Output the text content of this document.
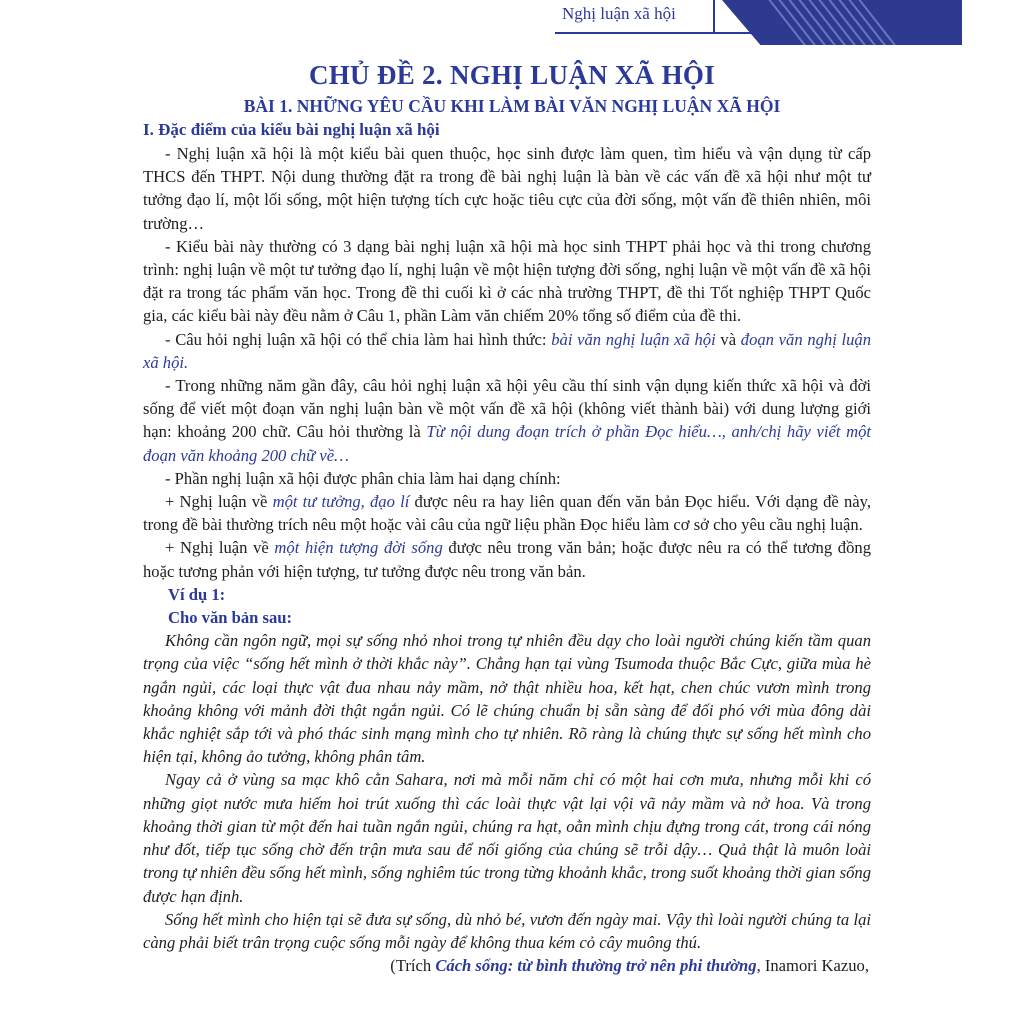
Nghị luận xã hội
CHỦ ĐỀ 2. NGHỊ LUẬN XÃ HỘI
BÀI 1. NHỮNG YÊU CẦU KHI LÀM BÀI VĂN NGHỊ LUẬN XÃ HỘI
I. Đặc điểm của kiểu bài nghị luận xã hội

- Nghị luận xã hội là một kiểu bài quen thuộc, học sinh được làm quen, tìm hiểu và vận dụng từ cấp THCS đến THPT. Nội dung thường đặt ra trong đề bài nghị luận là bàn về các vấn đề xã hội như một tư tưởng đạo lí, một lối sống, một hiện tượng tích cực hoặc tiêu cực của đời sống, một vấn đề thiên nhiên, môi trường…

- Kiểu bài này thường có 3 dạng bài nghị luận xã hội mà học sinh THPT phải học và thi trong chương trình: nghị luận về một tư tưởng đạo lí, nghị luận về một hiện tượng đời sống, nghị luận về một vấn đề xã hội đặt ra trong tác phẩm văn học. Trong đề thi cuối kì ở các nhà trường THPT, đề thi Tốt nghiệp THPT Quốc gia, các kiểu bài này đều nằm ở Câu 1, phần Làm văn chiếm 20% tổng số điểm của đề thi.

- Câu hỏi nghị luận xã hội có thể chia làm hai hình thức: bài văn nghị luận xã hội và đoạn văn nghị luận xã hội.

- Trong những năm gần đây, câu hỏi nghị luận xã hội yêu cầu thí sinh vận dụng kiến thức xã hội và đời sống để viết một đoạn văn nghị luận bàn về một vấn đề xã hội (không viết thành bài) với dung lượng giới hạn: khoảng 200 chữ. Câu hỏi thường là Từ nội dung đoạn trích ở phần Đọc hiểu…, anh/chị hãy viết một đoạn văn khoảng 200 chữ về…

- Phần nghị luận xã hội được phân chia làm hai dạng chính:

+ Nghị luận về một tư tưởng, đạo lí được nêu ra hay liên quan đến văn bản Đọc hiểu. Với dạng đề này, trong đề bài thường trích nêu một hoặc vài câu của ngữ liệu phần Đọc hiểu làm cơ sở cho yêu cầu nghị luận.

+ Nghị luận về một hiện tượng đời sống được nêu trong văn bản; hoặc được nêu ra có thể tương đồng hoặc tương phản với hiện tượng, tư tưởng được nêu trong văn bản.

Ví dụ 1:

Cho văn bản sau:

Không cần ngôn ngữ, mọi sự sống nhỏ nhoi trong tự nhiên đều dạy cho loài người chúng kiến tầm quan trọng của việc “sống hết mình ở thời khắc này”. Chẳng hạn tại vùng Tsumoda thuộc Bắc Cực, giữa mùa hè ngắn ngủi, các loại thực vật đua nhau nảy mầm, nở thật nhiều hoa, kết hạt, chen chúc vươn mình trong khoảng không với mảnh đời thật ngắn ngủi. Có lẽ chúng chuẩn bị sẵn sàng để đối phó với mùa đông dài khắc nghiệt sắp tới và phó thác sinh mạng mình cho tự nhiên. Rõ ràng là chúng thực sự sống hết mình cho hiện tại, không ảo tưởng, không phân tâm.

Ngay cả ở vùng sa mạc khô cằn Sahara, nơi mà mỗi năm chỉ có một hai cơn mưa, nhưng mỗi khi có những giọt nước mưa hiếm hoi trút xuống thì các loài thực vật lại vội vã nảy mầm và nở hoa. Và trong khoảng thời gian từ một đến hai tuần ngắn ngủi, chúng ra hạt, oằn mình chịu đựng trong cát, trong cái nóng như đốt, tiếp tục sống chờ đến trận mưa sau để nối giống của chúng sẽ trỗi dậy… Quả thật là muôn loài trong tự nhiên đều sống hết mình, sống nghiêm túc trong từng khoảnh khắc, trong suốt khoảng thời gian sống được hạn định.

Sống hết mình cho hiện tại sẽ đưa sự sống, dù nhỏ bé, vươn đến ngày mai. Vậy thì loài người chúng ta lại càng phải biết trân trọng cuộc sống mỗi ngày để không thua kém cỏ cây muông thú.

(Trích Cách sống: từ bình thường trở nên phi thường, Inamori Kazuo,
